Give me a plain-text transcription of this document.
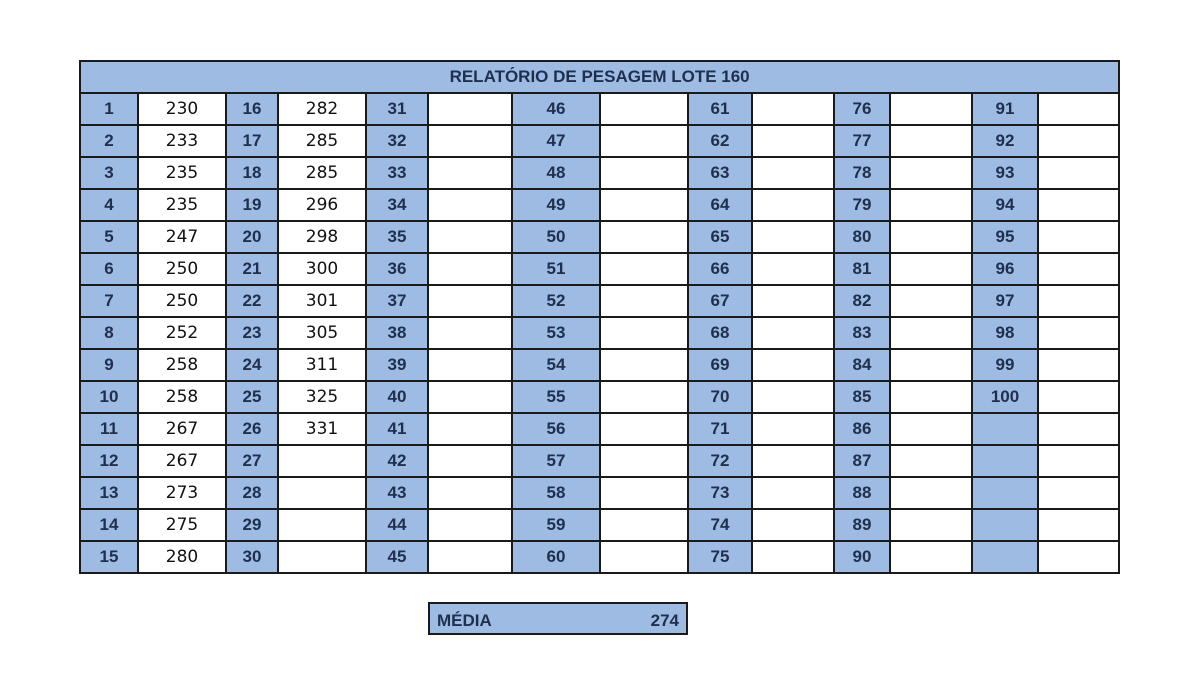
RELATÓRIO DE PESAGEM LOTE 160													
1	230	16	282	31		46		61		76		91	
2	233	17	285	32		47		62		77		92	
3	235	18	285	33		48		63		78		93	
4	235	19	296	34		49		64		79		94	
5	247	20	298	35		50		65		80		95	
6	250	21	300	36		51		66		81		96	
7	250	22	301	37		52		67		82		97	
8	252	23	305	38		53		68		83		98	
9	258	24	311	39		54		69		84		99	
10	258	25	325	40		55		70		85		100	
11	267	26	331	41		56		71		86			
12	267	27		42		57		72		87			
13	273	28		43		58		73		88			
14	275	29		44		59		74		89			
15	280	30		45		60		75		90			
MÉDIA	274
